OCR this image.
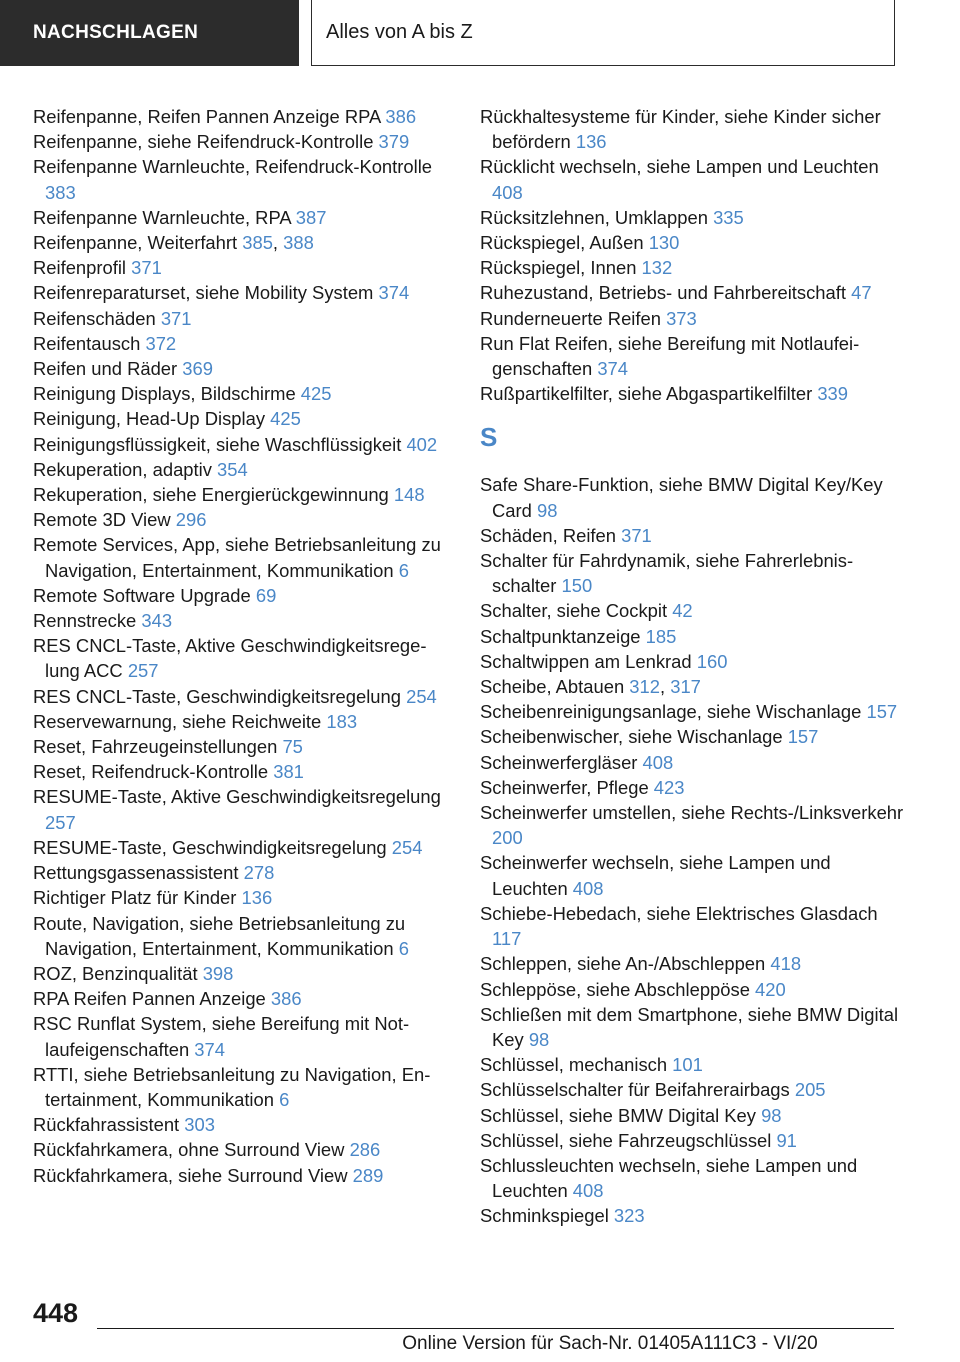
NACHSCHLAGEN	Alles von A bis Z
Reifenpanne, Reifen Pannen Anzeige RPA 386
Reifenpanne, siehe Reifendruck-Kontrolle 379
Reifenpanne Warnleuchte, Reifendruck-Kontrolle 383
Reifenpanne Warnleuchte, RPA 387
Reifenpanne, Weiterfahrt 385, 388
Reifenprofil 371
Reifenreparaturset, siehe Mobility System 374
Reifenschäden 371
Reifentausch 372
Reifen und Räder 369
Reinigung Displays, Bildschirme 425
Reinigung, Head-Up Display 425
Reinigungsflüssigkeit, siehe Waschflüssigkeit 402
Rekuperation, adaptiv 354
Rekuperation, siehe Energierückgewinnung 148
Remote 3D View 296
Remote Services, App, siehe Betriebsanleitung zu Navigation, Entertainment, Kommunikation 6
Remote Software Upgrade 69
Rennstrecke 343
RES CNCL-Taste, Aktive Geschwindigkeitsregelung ACC 257
RES CNCL-Taste, Geschwindigkeitsregelung 254
Reservewarnung, siehe Reichweite 183
Reset, Fahrzeugeinstellungen 75
Reset, Reifendruck-Kontrolle 381
RESUME-Taste, Aktive Geschwindigkeitsregelung 257
RESUME-Taste, Geschwindigkeitsregelung 254
Rettungsgassenassistent 278
Richtiger Platz für Kinder 136
Route, Navigation, siehe Betriebsanleitung zu Navigation, Entertainment, Kommunikation 6
ROZ, Benzinqualität 398
RPA Reifen Pannen Anzeige 386
RSC Runflat System, siehe Bereifung mit Notlaufeigenschaften 374
RTTI, siehe Betriebsanleitung zu Navigation, Entertainment, Kommunikation 6
Rückfahrassistent 303
Rückfahrkamera, ohne Surround View 286
Rückfahrkamera, siehe Surround View 289
Rückhaltesysteme für Kinder, siehe Kinder sicher befördern 136
Rücklicht wechseln, siehe Lampen und Leuchten 408
Rücksitzlehnen, Umklappen 335
Rückspiegel, Außen 130
Rückspiegel, Innen 132
Ruhezustand, Betriebs- und Fahrbereitschaft 47
Runderneuerte Reifen 373
Run Flat Reifen, siehe Bereifung mit Notlaufeigenschaften 374
Rußpartikelfilter, siehe Abgaspartikelfilter 339
S
Safe Share-Funktion, siehe BMW Digital Key/Key Card 98
Schäden, Reifen 371
Schalter für Fahrdynamik, siehe Fahrerlebnisschalter 150
Schalter, siehe Cockpit 42
Schaltpunktanzeige 185
Schaltwippen am Lenkrad 160
Scheibe, Abtauen 312, 317
Scheibenreinigungsanlage, siehe Wischanlage 157
Scheibenwischer, siehe Wischanlage 157
Scheinwerfergläser 408
Scheinwerfer, Pflege 423
Scheinwerfer umstellen, siehe Rechts-/Linksverkehr 200
Scheinwerfer wechseln, siehe Lampen und Leuchten 408
Schiebe-Hebedach, siehe Elektrisches Glasdach 117
Schleppen, siehe An-/Abschleppen 418
Schleppöse, siehe Abschleppöse 420
Schließen mit dem Smartphone, siehe BMW Digital Key 98
Schlüssel, mechanisch 101
Schlüsselschalter für Beifahrerairbags 205
Schlüssel, siehe BMW Digital Key 98
Schlüssel, siehe Fahrzeugschlüssel 91
Schlussleuchten wechseln, siehe Lampen und Leuchten 408
Schminkspiegel 323
448
Online Version für Sach-Nr. 01405A111C3 - VI/20
